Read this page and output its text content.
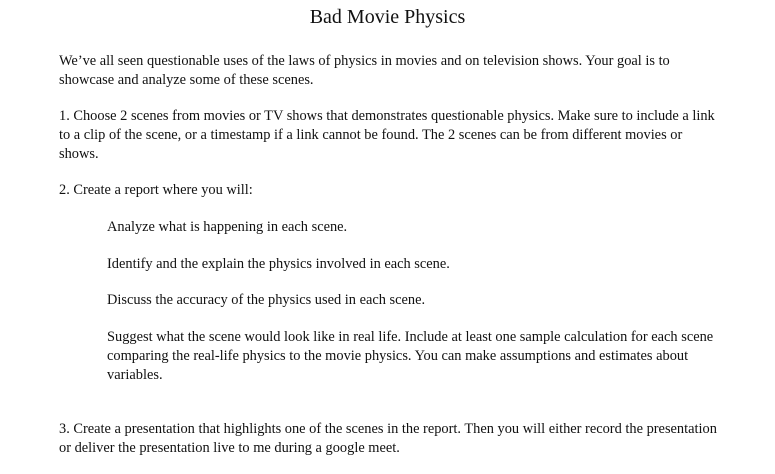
Bad Movie Physics
We’ve all seen questionable uses of the laws of physics in movies and on television shows. Your goal is to showcase and analyze some of these scenes.
1. Choose 2 scenes from movies or TV shows that demonstrates questionable physics. Make sure to include a link to a clip of the scene, or a timestamp if a link cannot be found. The 2 scenes can be from different movies or shows.
2. Create a report where you will:
Analyze what is happening in each scene.
Identify and the explain the physics involved in each scene.
Discuss the accuracy of the physics used in each scene.
Suggest what the scene would look like in real life. Include at least one sample calculation for each scene comparing the real-life physics to the movie physics. You can make assumptions and estimates about variables.
3. Create a presentation that highlights one of the scenes in the report. Then you will either record the presentation or deliver the presentation live to me during a google meet.
